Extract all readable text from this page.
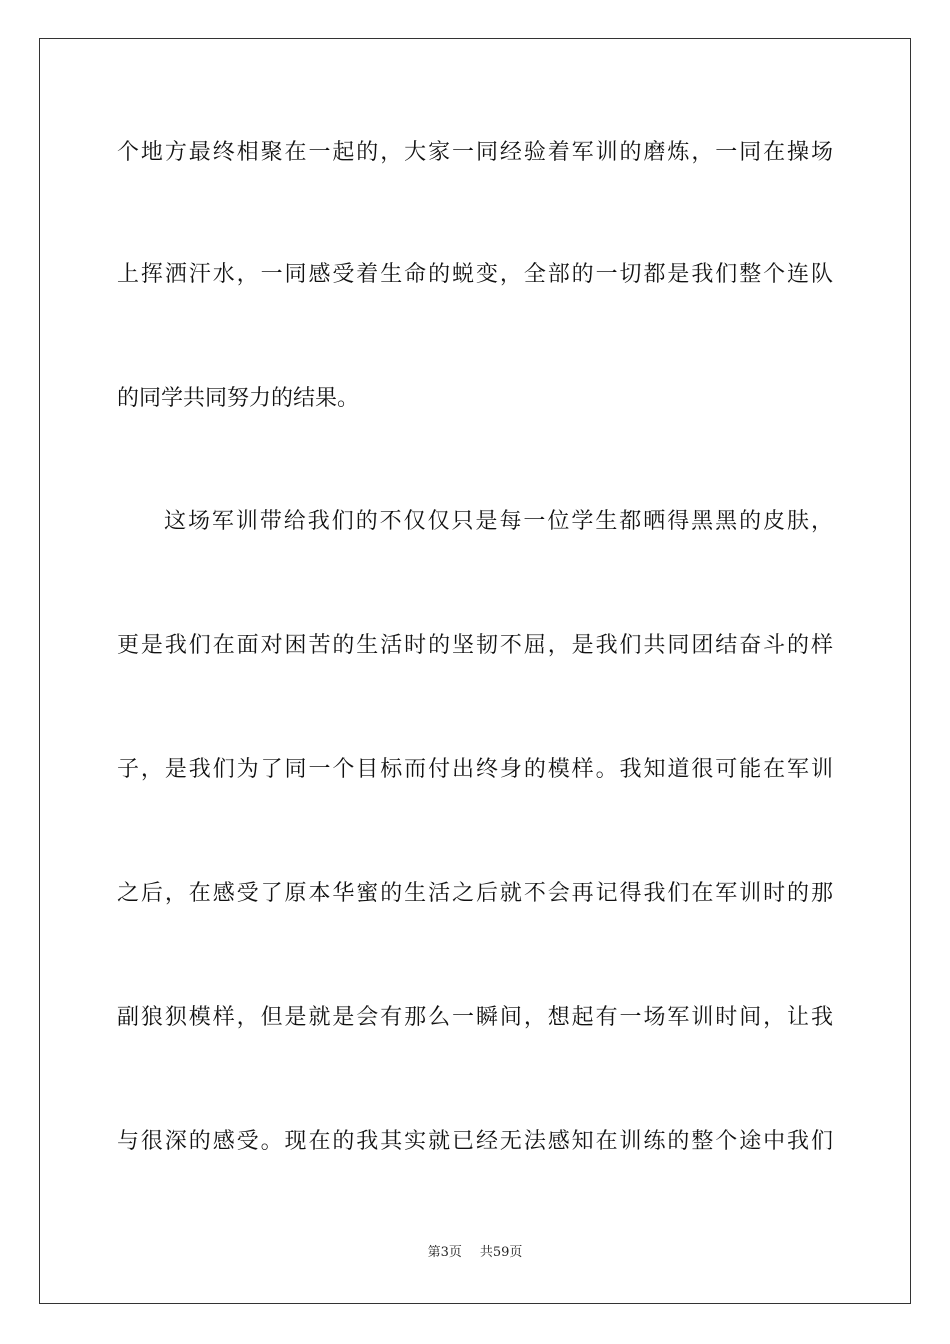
个地方最终相聚在一起的，大家一同经验着军训的磨炼，一同在操场
上挥洒汗水，一同感受着生命的蜕变，全部的一切都是我们整个连队
的同学共同努力的结果。
这场军训带给我们的不仅仅只是每一位学生都晒得黑黑的皮肤，
更是我们在面对困苦的生活时的坚韧不屈，是我们共同团结奋斗的样
子，是我们为了同一个目标而付出终身的模样。我知道很可能在军训
之后，在感受了原本华蜜的生活之后就不会再记得我们在军训时的那
副狼狈模样，但是就是会有那么一瞬间，想起有一场军训时间，让我
与很深的感受。现在的我其实就已经无法感知在训练的整个途中我们
第3页 共59页
